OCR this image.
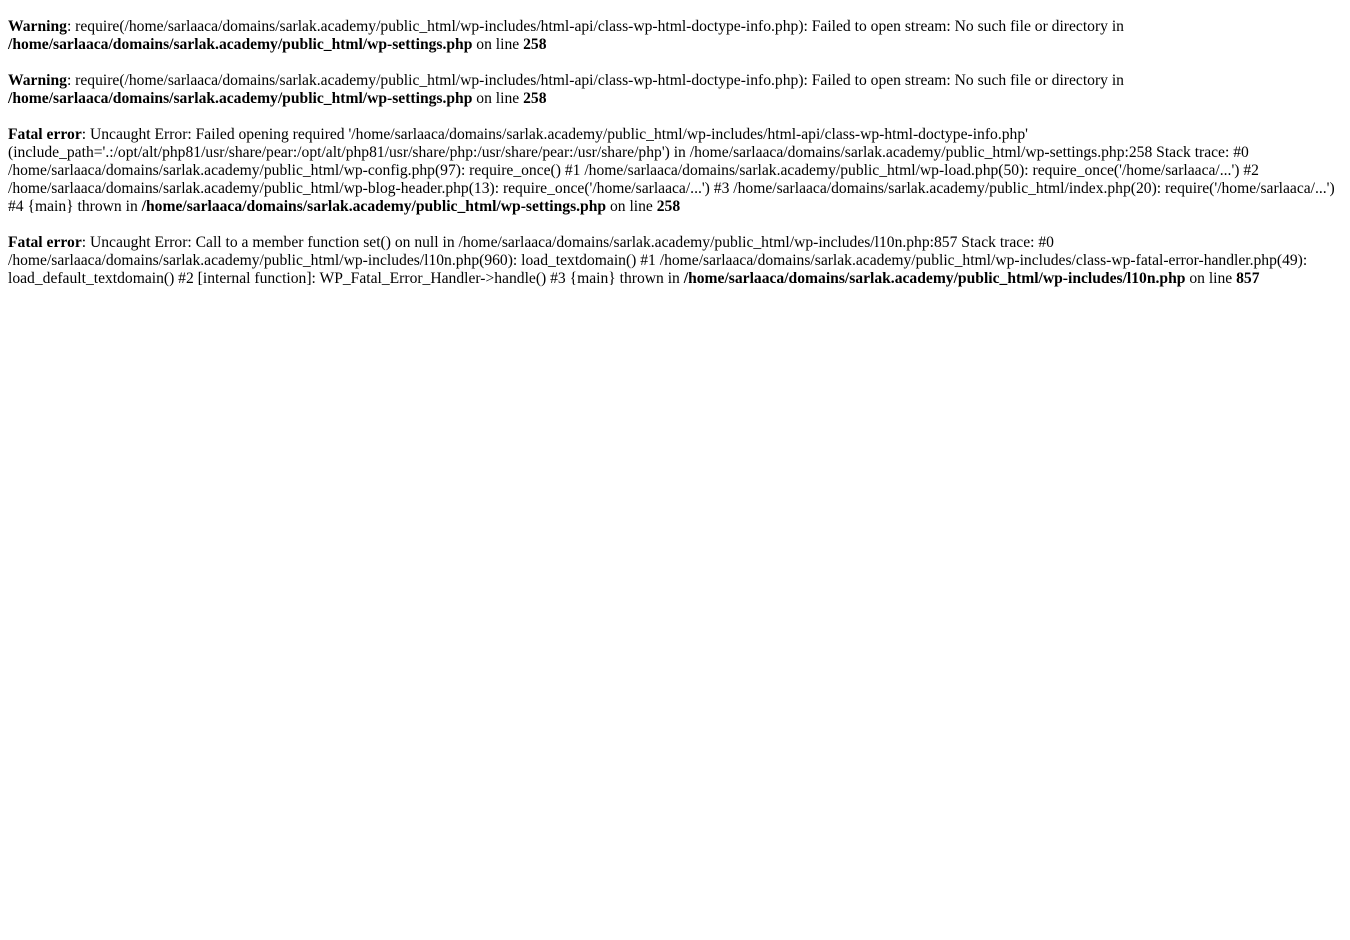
Warning: require(/home/sarlaaca/domains/sarlak.academy/public_html/wp-includes/html-api/class-wp-html-doctype-info.php): Failed to open stream: No such file or directory in /home/sarlaaca/domains/sarlak.academy/public_html/wp-settings.php on line 258

Warning: require(/home/sarlaaca/domains/sarlak.academy/public_html/wp-includes/html-api/class-wp-html-doctype-info.php): Failed to open stream: No such file or directory in /home/sarlaaca/domains/sarlak.academy/public_html/wp-settings.php on line 258

Fatal error: Uncaught Error: Failed opening required '/home/sarlaaca/domains/sarlak.academy/public_html/wp-includes/html-api/class-wp-html-doctype-info.php' (include_path='.:/opt/alt/php81/usr/share/pear:/opt/alt/php81/usr/share/php:/usr/share/pear:/usr/share/php') in /home/sarlaaca/domains/sarlak.academy/public_html/wp-settings.php:258 Stack trace: #0 /home/sarlaaca/domains/sarlak.academy/public_html/wp-config.php(97): require_once() #1 /home/sarlaaca/domains/sarlak.academy/public_html/wp-load.php(50): require_once('/home/sarlaaca/...') #2 /home/sarlaaca/domains/sarlak.academy/public_html/wp-blog-header.php(13): require_once('/home/sarlaaca/...') #3 /home/sarlaaca/domains/sarlak.academy/public_html/index.php(20): require('/home/sarlaaca/...') #4 {main} thrown in /home/sarlaaca/domains/sarlak.academy/public_html/wp-settings.php on line 258

Fatal error: Uncaught Error: Call to a member function set() on null in /home/sarlaaca/domains/sarlak.academy/public_html/wp-includes/l10n.php:857 Stack trace: #0 /home/sarlaaca/domains/sarlak.academy/public_html/wp-includes/l10n.php(960): load_textdomain() #1 /home/sarlaaca/domains/sarlak.academy/public_html/wp-includes/class-wp-fatal-error-handler.php(49): load_default_textdomain() #2 [internal function]: WP_Fatal_Error_Handler->handle() #3 {main} thrown in /home/sarlaaca/domains/sarlak.academy/public_html/wp-includes/l10n.php on line 857
